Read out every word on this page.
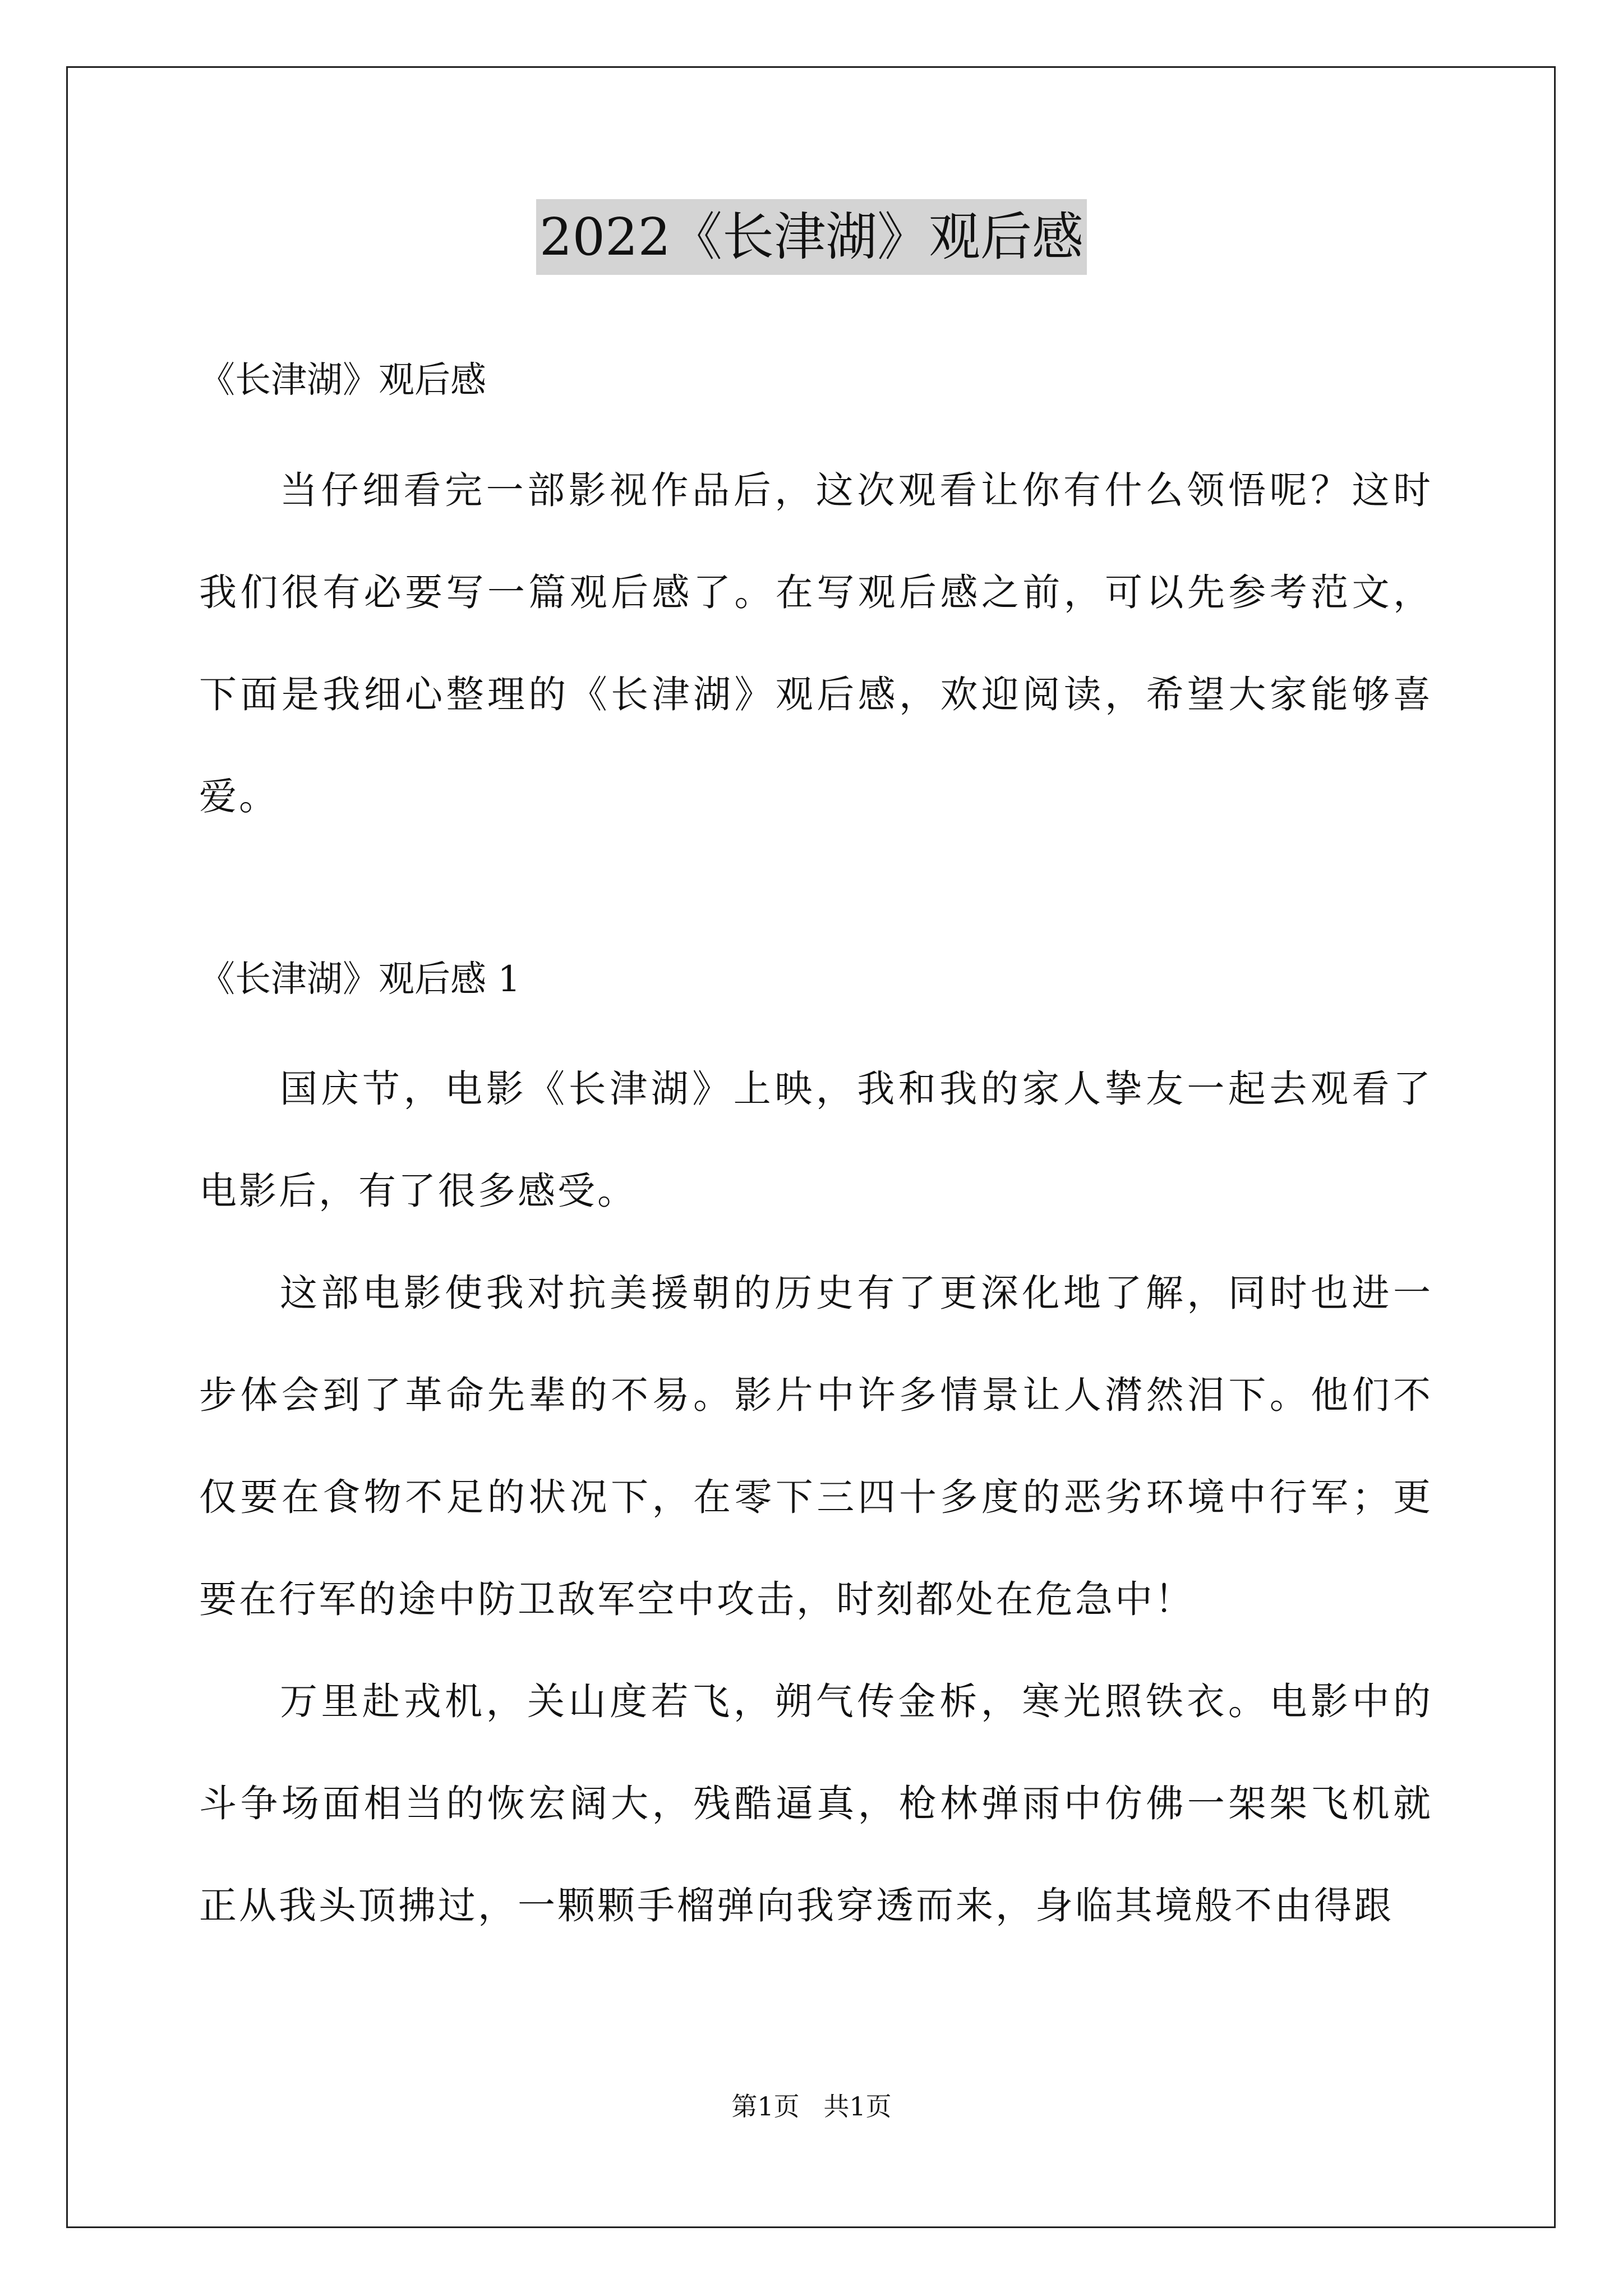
2022《长津湖》观后感
《长津湖》观后感

当仔细看完一部影视作品后，这次观看让你有什么领悟呢？这时我们很有必要写一篇观后感了。在写观后感之前，可以先参考范文，下面是我细心整理的《长津湖》观后感，欢迎阅读，希望大家能够喜爱。

《长津湖》观后感 1

国庆节，电影《长津湖》上映，我和我的家人挚友一起去观看了电影后，有了很多感受。

这部电影使我对抗美援朝的历史有了更深化地了解，同时也进一步体会到了革命先辈的不易。影片中许多情景让人潸然泪下。他们不仅要在食物不足的状况下，在零下三四十多度的恶劣环境中行军；更要在行军的途中防卫敌军空中攻击，时刻都处在危急中！

万里赴戎机，关山度若飞，朔气传金柝，寒光照铁衣。电影中的斗争场面相当的恢宏阔大，残酷逼真，枪林弹雨中仿佛一架架飞机就正从我头顶拂过，一颗颗手榴弹向我穿透而来，身临其境般不由得跟

第1页 共1页
